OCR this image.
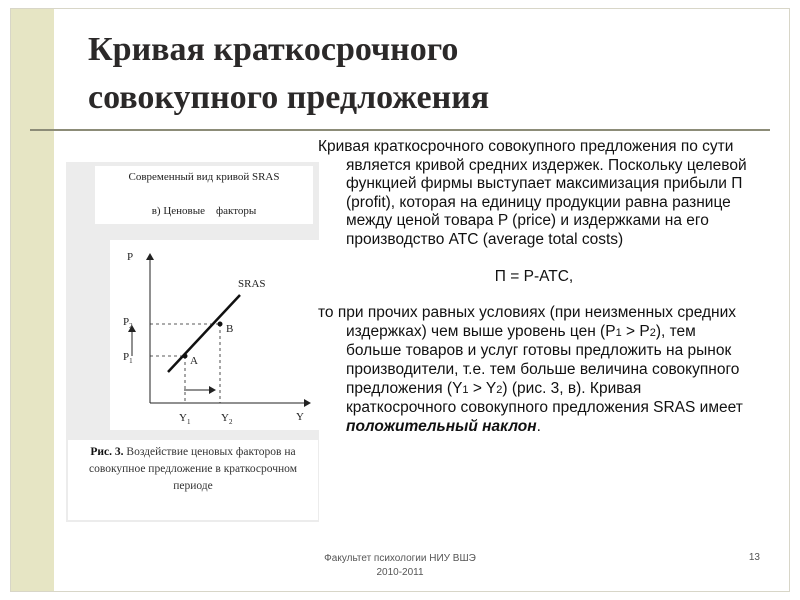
Кривая краткосрочного
совокупного предложения
Современный вид кривой SRAS
в) Ценовые    факторы
P
Y
SRAS
$P_2$
$P_1$
$Y_1$	$Y_2$
A
B

Рис. 3. Воздействие ценовых факторов на совокупное предложение в краткосрочном периоде

Кривая краткосрочного совокупного предложения по сути является кривой средних издержек. Поскольку целевой функцией фирмы выступает максимизация прибыли П (profit), которая на единицу продукции равна разнице между ценой товара P (price) и издержками на его производство ATC (average total costs)

П = Р-АТС,

то при прочих равных условиях (при неизменных средних издержках) чем выше уровень цен (P1 > P2), тем больше товаров и услуг готовы предложить на рынок производители, т.е. тем больше величина совокупного предложения (Y1 > Y2) (рис. 3, в). Кривая краткосрочного совокупного предложения SRAS имеет положительный наклон.

Факультет психологии НИУ ВШЭ
2010-2011

13
